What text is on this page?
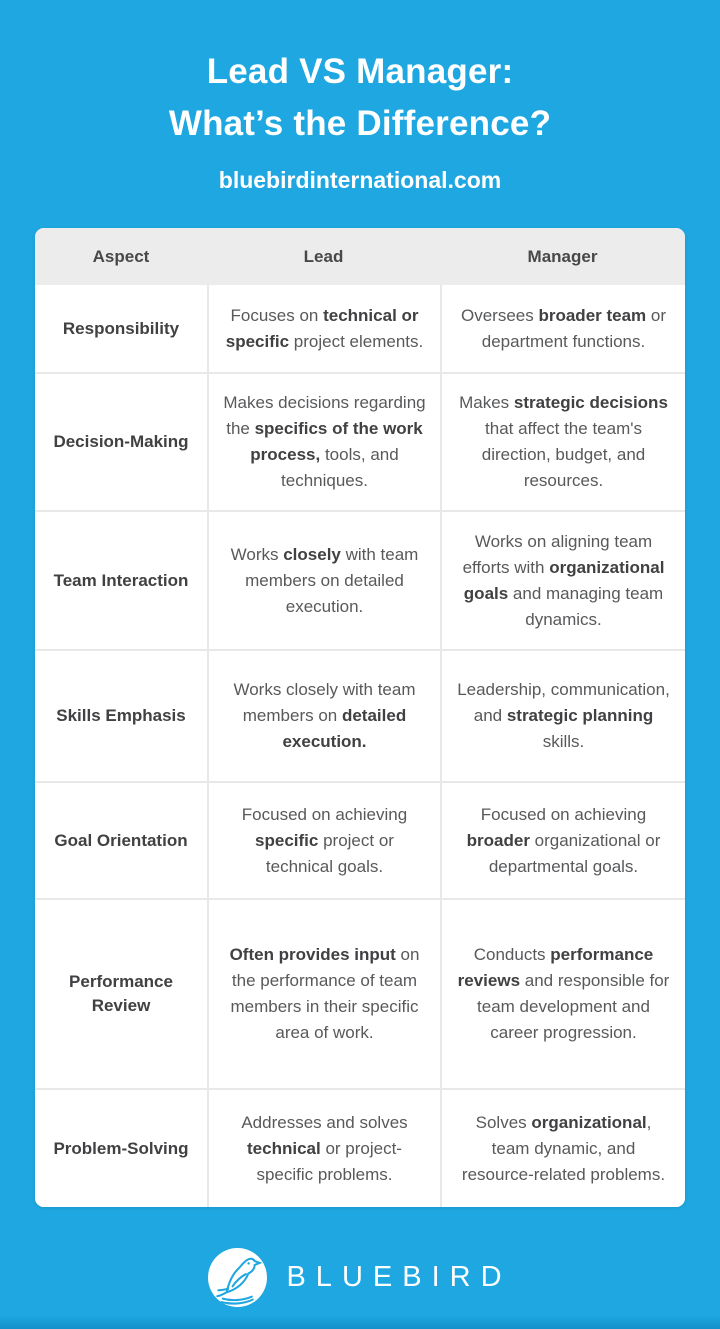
Lead VS Manager:
What’s the Difference?
bluebirdinternational.com
Aspect	Lead	Manager
Responsibility
Focuses on technical or specific project elements.
Oversees broader team or department functions.
Decision-Making
Makes decisions regarding the specifics of the work process, tools, and techniques.
Makes strategic decisions that affect the team's direction, budget, and resources.
Team Interaction
Works closely with team members on detailed execution.
Works on aligning team efforts with organizational goals and managing team dynamics.
Skills Emphasis
Works closely with team members on detailed execution.
Leadership, communication, and strategic planning skills.
Goal Orientation
Focused on achieving specific project or technical goals.
Focused on achieving broader organizational or departmental goals.
Performance Review
Often provides input on the performance of team members in their specific area of work.
Conducts performance reviews and responsible for team development and career progression.
Problem-Solving
Addresses and solves technical or project-specific problems.
Solves organizational, team dynamic, and resource-related problems.
BLUEBIRD
